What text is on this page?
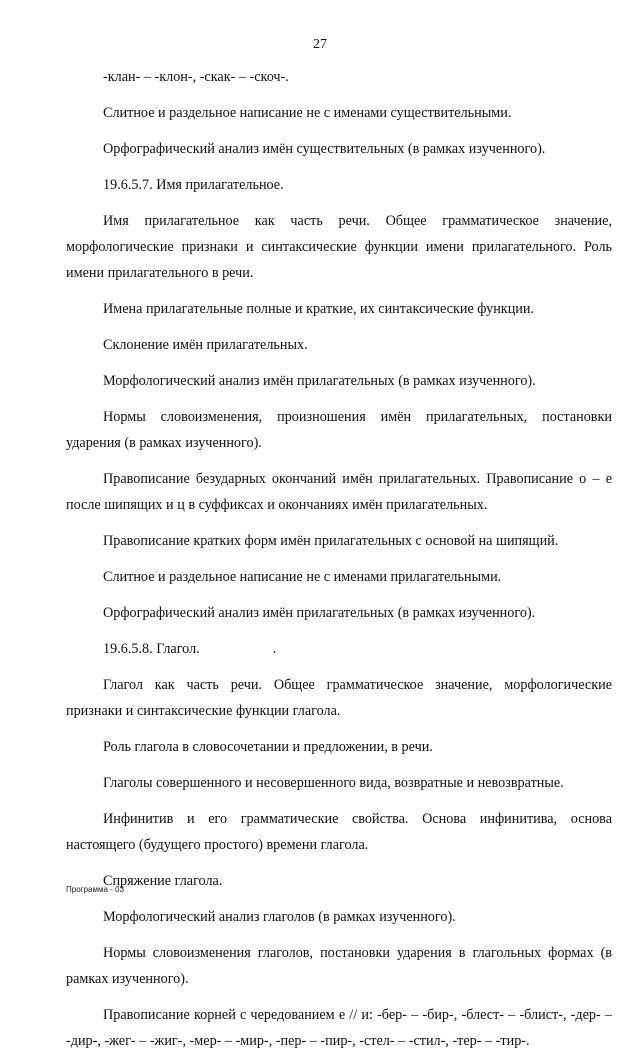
27

-клан- – -клон-, -скак- – -скоч-.

Слитное и раздельное написание не с именами существительными.

Орфографический анализ имён существительных (в рамках изученного).

19.6.5.7. Имя прилагательное.

Имя прилагательное как часть речи. Общее грамматическое значение, морфологические признаки и синтаксические функции имени прилагательного. Роль имени прилагательного в речи.

Имена прилагательные полные и краткие, их синтаксические функции.

Склонение имён прилагательных.

Морфологический анализ имён прилагательных (в рамках изученного).

Нормы словоизменения, произношения имён прилагательных, постановки ударения (в рамках изученного).

Правописание безударных окончаний имён прилагательных. Правописание о – е после шипящих и ц в суффиксах и окончаниях имён прилагательных.

Правописание кратких форм имён прилагательных с основой на шипящий.

Слитное и раздельное написание не с именами прилагательными.

Орфографический анализ имён прилагательных (в рамках изученного).

19.6.5.8. Глагол.	.

Глагол как часть речи. Общее грамматическое значение, морфологические признаки и синтаксические функции глагола.

Роль глагола в словосочетании и предложении, в речи.

Глаголы совершенного и несовершенного вида, возвратные и невозвратные.

Инфинитив и его грамматические свойства. Основа инфинитива, основа настоящего (будущего простого) времени глагола.

Спряжение глагола.

Морфологический анализ глаголов (в рамках изученного).

Нормы словоизменения глаголов, постановки ударения в глагольных формах (в рамках изученного).

Правописание корней с чередованием е // и: -бер- – -бир-, -блест- – -блист-, -дер- – -дир-, -жег- – -жиг-, -мер- – -мир-, -пер- – -пир-, -стел- – -стил-, -тер- – -тир-.

Программа - 03
